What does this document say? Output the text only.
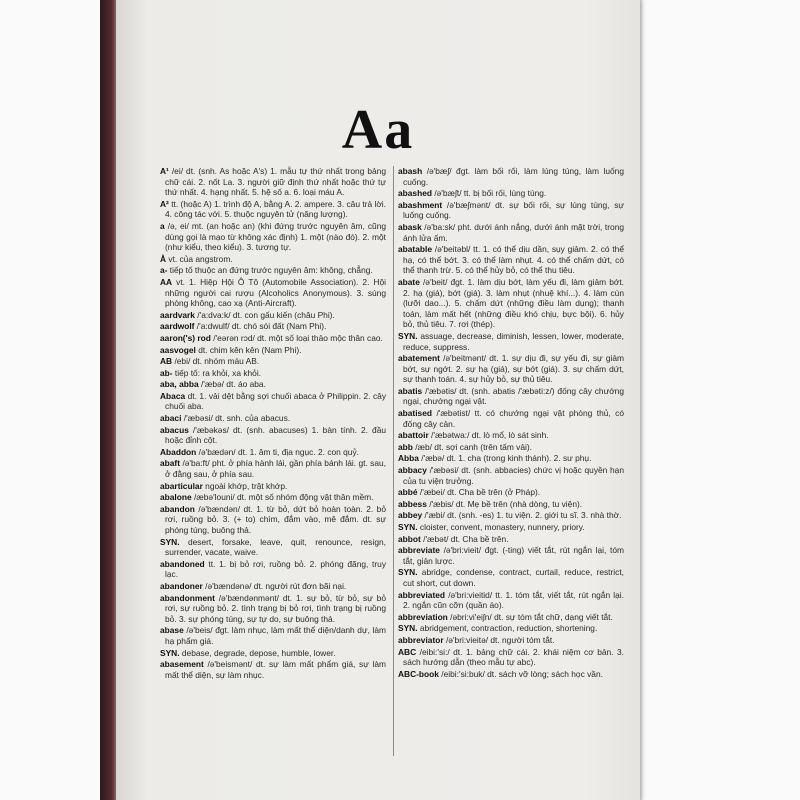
Aa
A¹ /ei/ dt. (snh. As hoặc A's) 1. mẫu tự thứ nhất trong bảng chữ cái. 2. nốt La. 3. người giữ định thứ nhất hoặc thứ tự thứ nhất. 4. hạng nhất. 5. hệ số a. 6. loại máu A.
A² tt. (hoặc A) 1. trình độ A, bằng A. 2. ampere. 3. câu trả lời. 4. công tác với. 5. thuộc nguyên tử (năng lượng).
a /ə, ei/ mt. (an hoặc an) (khi đứng trước nguyên âm, cũng dùng gọi là mạo từ không xác định) 1. một (nào đó). 2. một (như kiểu, theo kiểu). 3. tương tự.
Å vt. của angstrom.
a- tiếp tố thuộc an đứng trước nguyên âm: không, chẳng.
AA vt. 1. Hiệp Hội Ô Tô (Automobile Association). 2. Hội những người cai rượu (Alcoholics Anonymous). 3. súng phòng không, cao xạ (Anti-Aircraft).
aardvark /'a:dva:k/ dt. con gấu kiến (châu Phi).
aardwolf /'a:dwulf/ dt. chó sói đất (Nam Phi).
aaron('s) rod /'eərən rɔd/ dt. một số loại thảo mộc thân cao.
aasvogel dt. chim kên kên (Nam Phi).
AB /ebi/ dt. nhóm máu AB.
ab- tiếp tố: ra khỏi, xa khỏi.
aba, abba /'æbə/ dt. áo aba.
Abaca dt. 1. vải dệt bằng sợi chuối abaca ở Philippin. 2. cây chuối aba.
abaci /'æbəsi/ dt. snh. của abacus.
abacus /'æbəkəs/ dt. (snh. abacuses) 1. bàn tính. 2. đầu hoặc đỉnh cột.
Abaddon /ə'bædən/ dt. 1. âm ti, địa ngục. 2. con quỷ.
abaft /ə'ba:ft/ pht. ở phía hành lái, gần phía bánh lái. gt. sau, ở đằng sau, ở phía sau.
abarticular ngoài khớp, trật khớp.
abalone /æbə'louni/ dt. một số nhóm động vật thân mềm.
abandon /ə'bændən/ dt. 1. từ bỏ, dứt bỏ hoàn toàn. 2. bỏ rơi, ruồng bỏ. 3. (+ to) chìm, đắm vào, mê đắm. dt. sự phóng túng, buông thả.
SYN. desert, forsake, leave, quit, renounce, resign, surrender, vacate, waive.
abandoned tt. 1. bị bỏ rơi, ruồng bỏ. 2. phóng đãng, truy lạc.
abandoner /ə'bændənə/ dt. người rút đơn bãi nại.
abandonment /ə'bændənmənt/ dt. 1. sự bỏ, từ bỏ, sự bỏ rơi, sự ruồng bỏ. 2. tình trạng bị bỏ rơi, tình trạng bị ruồng bỏ. 3. sự phóng túng, sự tự do, sự buông thả.
abase /ə'beis/ đgt. làm nhục, làm mất thể diện/danh dự, làm hạ phẩm giá.
SYN. debase, degrade, depose, humble, lower.
abasement /ə'beismənt/ dt. sự làm mất phẩm giá, sự làm mất thể diện, sự làm nhục.
abash /ə'bæʃ/ đgt. làm bối rối, làm lúng túng, làm luống cuống.
abashed /ə'bæʃt/ tt. bị bối rối, lúng túng.
abashment /ə'bæʃmənt/ dt. sự bối rối, sự lúng túng, sự luống cuống.
abask /ə'ba:sk/ pht. dưới ánh nắng, dưới ánh mặt trời, trong ánh lửa ấm.
abatable /ə'beitəbl/ tt. 1. có thể dịu dần, sụy giảm. 2. có thể hạ, có thể bớt. 3. có thể làm nhụt. 4. có thể chấm dứt, có thể thanh trừ. 5. có thể hủy bỏ, có thể thu tiêu.
abate /ə'beit/ đgt. 1. làm dịu bớt, làm yếu đi, làm giảm bớt. 2. hạ (giá), bớt (giá). 3. làm nhụt (nhuệ khí...). 4. làm cùn (lưỡi dao...). 5. chấm dứt (những điều làm dụng); thanh toán, làm mất hết (những điều khó chịu, bực bội). 6. hủy bỏ, thủ tiêu. 7. rơi (thép).
SYN. assuage, decrease, diminish, lessen, lower, moderate, reduce, suppress.
abatement /ə'beitmənt/ dt. 1. sự dịu đi, sự yếu đi, sự giảm bớt, sự ngớt. 2. sự hạ (giá), sự bớt (giá). 3. sự chấm dứt, sự thanh toán. 4. sự hủy bỏ, sự thủ tiêu.
abatis /'æbətis/ dt. (snh. abatis /'æbəti:z/) đống cây chướng ngại, chướng ngại vật.
abatised /'æbətist/ tt. có chướng ngại vật phòng thủ, có đống cây cản.
abattoir /'æbətwa:/ dt. lò mổ, lò sát sinh.
abb /æb/ dt. sợi canh (trên tấm vải).
Abba /'æbə/ dt. 1. cha (trong kinh thánh). 2. sư phụ.
abbacy /'æbəsi/ dt. (snh. abbacies) chức vị hoặc quyền hạn của tu viện trưởng.
abbé /'æbei/ dt. Cha bề trên (ở Pháp).
abbess /'æbis/ dt. Mẹ bề trên (nhà dòng, tu viện).
abbey /'æbi/ dt. (snh. -es) 1. tu viện. 2. giới tu sĩ. 3. nhà thờ.
SYN. cloister, convent, monastery, nunnery, priory.
abbot /'æbət/ dt. Cha bề trên.
abbreviate /ə'bri:vieit/ đgt. (-ting) viết tắt, rút ngắn lại, tóm tắt, giản lược.
SYN. abridge, condense, contract, curtail, reduce, restrict, cut short, cut down.
abbreviated /ə'bri:vieitid/ tt. 1. tóm tắt, viết tắt, rút ngắn lại. 2. ngắn cũn cỡn (quần áo).
abbreviation /əbri:vi'eiʃn/ dt. sự tóm tắt chữ, dạng viết tắt.
SYN. abridgement, contraction, reduction, shortening.
abbreviator /ə'bri:vieitə/ dt. người tóm tắt.
ABC /eibi:'si:/ dt. 1. bảng chữ cái. 2. khái niệm cơ bản. 3. sách hướng dẫn (theo mẫu tự abc).
ABC-book /eibi:'si:buk/ dt. sách vỡ lòng; sách học vần.
